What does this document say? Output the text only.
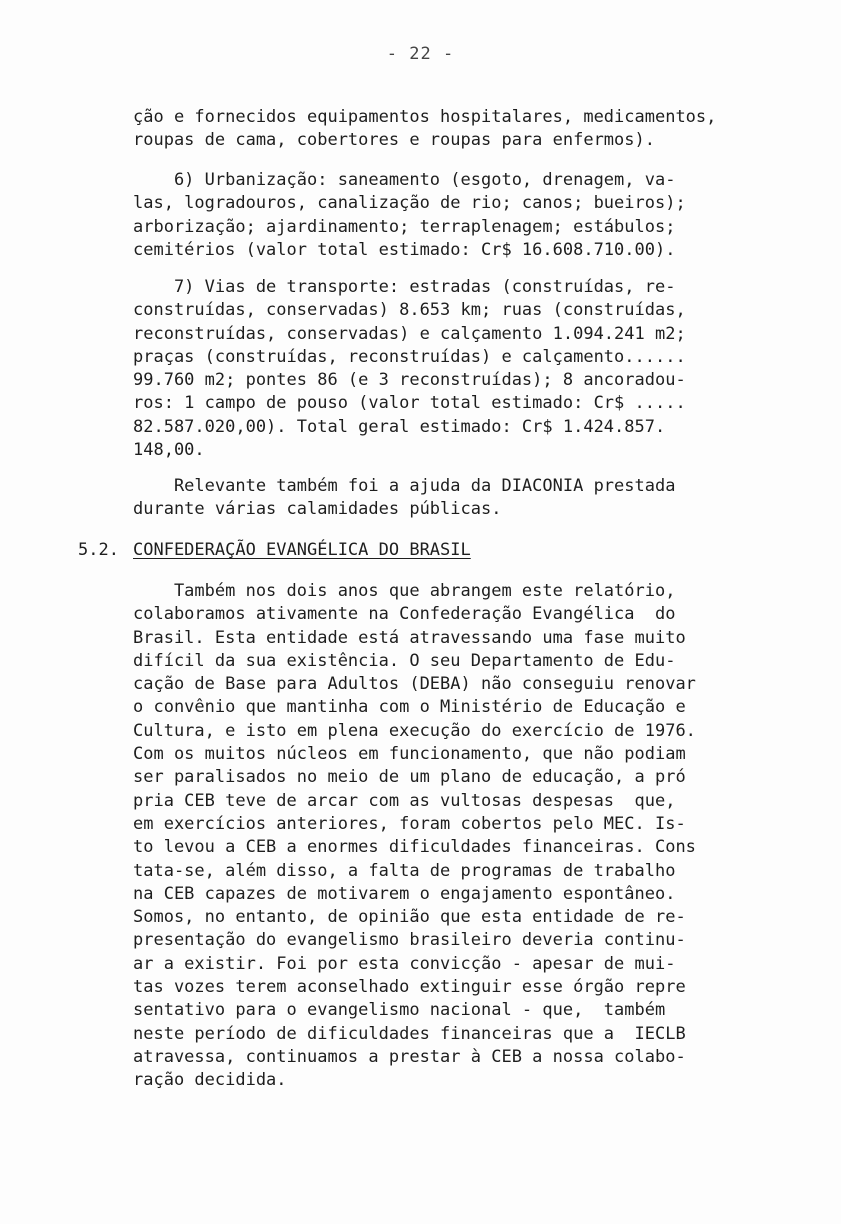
- 22 -

ção e fornecidos equipamentos hospitalares, medicamentos,
roupas de cama, cobertores e roupas para enfermos).

6) Urbanização: saneamento (esgoto, drenagem, va-
las, logradouros, canalização de rio; canos; bueiros);
arborização; ajardinamento; terraplenagem; estábulos;
cemitérios (valor total estimado: Cr$ 16.608.710.00).

7) Vias de transporte: estradas (construídas, re-
construídas, conservadas) 8.653 km; ruas (construídas,
reconstruídas, conservadas) e calçamento 1.094.241 m2;
praças (construídas, reconstruídas) e calçamento......
99.760 m2; pontes 86 (e 3 reconstruídas); 8 ancoradou-
ros: 1 campo de pouso (valor total estimado: Cr$ .....
82.587.020,00). Total geral estimado: Cr$ 1.424.857.
148,00.

Relevante também foi a ajuda da DIACONIA prestada
durante várias calamidades públicas.

5.2. CONFEDERAÇÃO EVANGÉLICA DO BRASIL

Também nos dois anos que abrangem este relatório,
colaboramos ativamente na Confederação Evangélica  do
Brasil. Esta entidade está atravessando uma fase muito
difícil da sua existência. O seu Departamento de Edu-
cação de Base para Adultos (DEBA) não conseguiu renovar
o convênio que mantinha com o Ministério de Educação e
Cultura, e isto em plena execução do exercício de 1976.
Com os muitos núcleos em funcionamento, que não podiam
ser paralisados no meio de um plano de educação, a pró
pria CEB teve de arcar com as vultosas despesas  que,
em exercícios anteriores, foram cobertos pelo MEC. Is-
to levou a CEB a enormes dificuldades financeiras. Cons
tata-se, além disso, a falta de programas de trabalho
na CEB capazes de motivarem o engajamento espontâneo.
Somos, no entanto, de opinião que esta entidade de re-
presentação do evangelismo brasileiro deveria continu-
ar a existir. Foi por esta convicção - apesar de mui-
tas vozes terem aconselhado extinguir esse órgão repre
sentativo para o evangelismo nacional - que,  também
neste período de dificuldades financeiras que a  IECLB
atravessa, continuamos a prestar à CEB a nossa colabo-
ração decidida.
